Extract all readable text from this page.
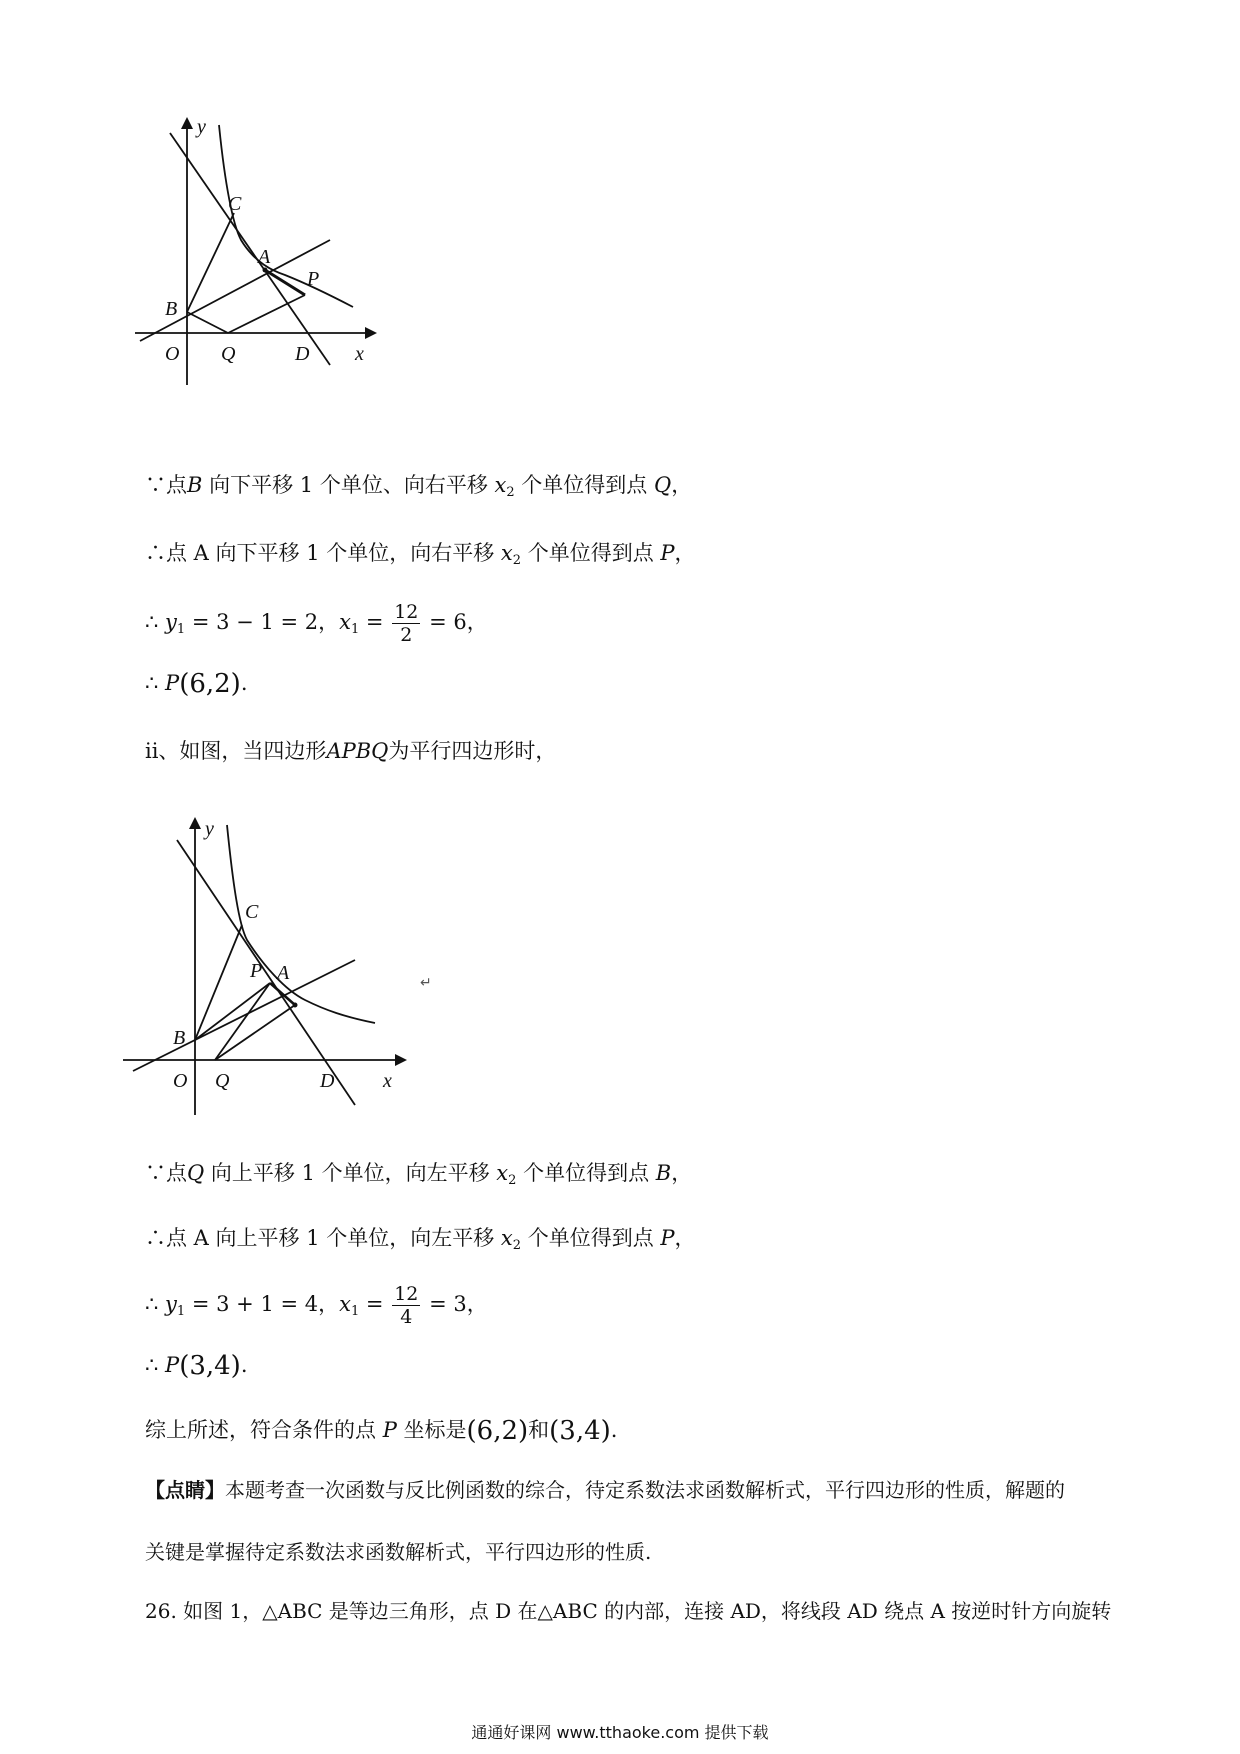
y
C
A
P
B
O Q	D x
∵点B 向下平移 1 个单位、向右平移 $x_2$ 个单位得到点 Q，
∴点 A 向下平移 1 个单位，向右平移 $x_2$ 个单位得到点 P，
∴ $y_1 = 3 - 1 = 2$，$x_1 = \frac{12}{2} = 6$，
∴ P(6,2).
ii、如图，当四边形APBQ为平行四边形时，
y
C
P A
B
O Q	D x
↵
∵点Q 向上平移 1 个单位，向左平移 $x_2$ 个单位得到点 B，
∴点 A 向上平移 1 个单位，向左平移 $x_2$ 个单位得到点 P，
∴ $y_1 = 3 + 1 = 4$，$x_1 = \frac{12}{4} = 3$，
∴ P(3,4).
综上所述，符合条件的点 P 坐标是(6,2)和(3,4).
【点睛】本题考查一次函数与反比例函数的综合，待定系数法求函数解析式，平行四边形的性质，解题的
关键是掌握待定系数法求函数解析式，平行四边形的性质.
26. 如图 1，△ABC 是等边三角形，点 D 在△ABC 的内部，连接 AD，将线段 AD 绕点 A 按逆时针方向旋转
通通好课网 www.tthaoke.com 提供下载
